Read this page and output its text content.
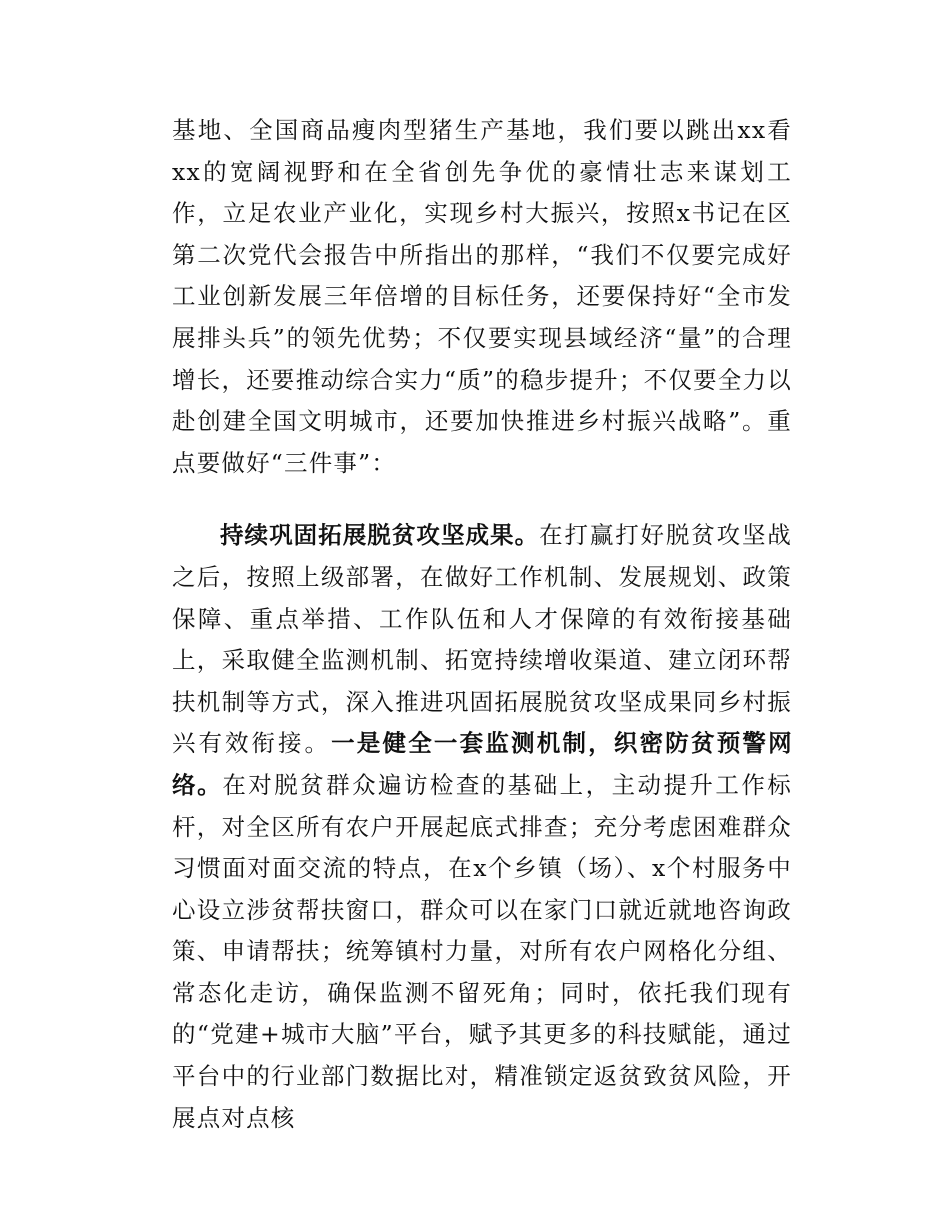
基地、全国商品瘦肉型猪生产基地，我们要以跳出xx看xx的宽阔视野和在全省创先争优的豪情壮志来谋划工作，立足农业产业化，实现乡村大振兴，按照x书记在区第二次党代会报告中所指出的那样，“我们不仅要完成好工业创新发展三年倍增的目标任务，还要保持好“全市发展排头兵”的领先优势；不仅要实现县域经济“量”的合理增长，还要推动综合实力“质”的稳步提升；不仅要全力以赴创建全国文明城市，还要加快推进乡村振兴战略”。重点要做好“三件事”：

持续巩固拓展脱贫攻坚成果。在打赢打好脱贫攻坚战之后，按照上级部署，在做好工作机制、发展规划、政策保障、重点举措、工作队伍和人才保障的有效衔接基础上，采取健全监测机制、拓宽持续增收渠道、建立闭环帮扶机制等方式，深入推进巩固拓展脱贫攻坚成果同乡村振兴有效衔接。一是健全一套监测机制，织密防贫预警网络。在对脱贫群众遍访检查的基础上，主动提升工作标杆，对全区所有农户开展起底式排查；充分考虑困难群众习惯面对面交流的特点，在x个乡镇（场）、x个村服务中心设立涉贫帮扶窗口，群众可以在家门口就近就地咨询政策、申请帮扶；统筹镇村力量，对所有农户网格化分组、常态化走访，确保监测不留死角；同时，依托我们现有的“党建+城市大脑”平台，赋予其更多的科技赋能，通过平台中的行业部门数据比对，精准锁定返贫致贫风险，开展点对点核
